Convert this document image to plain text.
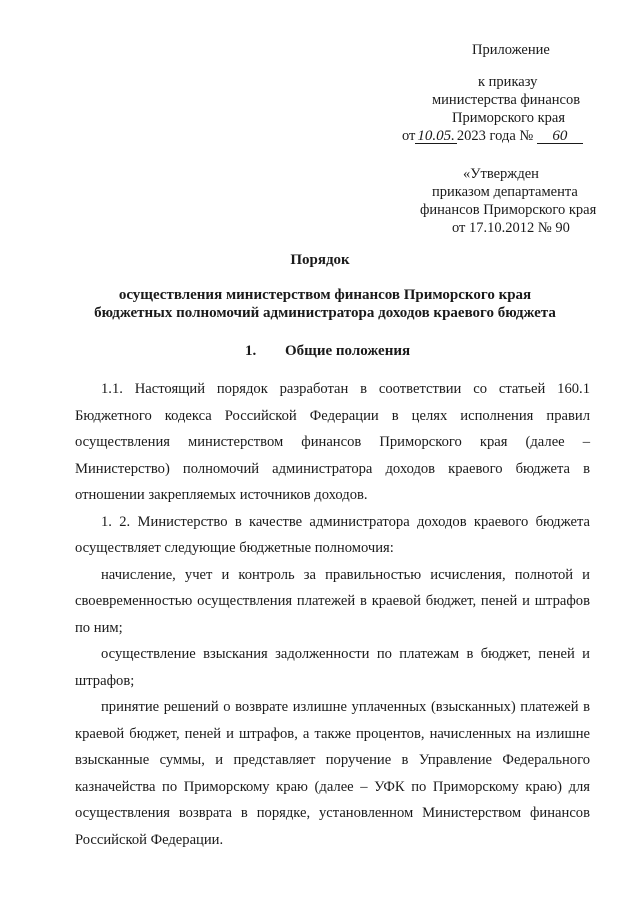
Приложение
к приказу
министерства финансов
Приморского края
от 10.05. 2023 года № 60
«Утвержден
приказом департамента
финансов Приморского края
от 17.10.2012 № 90
Порядок
осуществления министерством финансов Приморского края
бюджетных полномочий администратора доходов краевого бюджета
1. Общие положения

1.1. Настоящий порядок разработан в соответствии со статьей 160.1 Бюджетного кодекса Российской Федерации в целях исполнения правил осуществления министерством финансов Приморского края (далее – Министерство) полномочий администратора доходов краевого бюджета в отношении закрепляемых источников доходов.

1. 2. Министерство в качестве администратора доходов краевого бюджета осуществляет следующие бюджетные полномочия:

начисление, учет и контроль за правильностью исчисления, полнотой и своевременностью осуществления платежей в краевой бюджет, пеней и штрафов по ним;

осуществление взыскания задолженности по платежам в бюджет, пеней и штрафов;

принятие решений о возврате излишне уплаченных (взысканных) платежей в краевой бюджет, пеней и штрафов, а также процентов, начисленных на излишне взысканные суммы, и представляет поручение в Управление Федерального казначейства по Приморскому краю (далее – УФК по Приморскому краю) для осуществления возврата в порядке, установленном Министерством финансов Российской Федерации.
